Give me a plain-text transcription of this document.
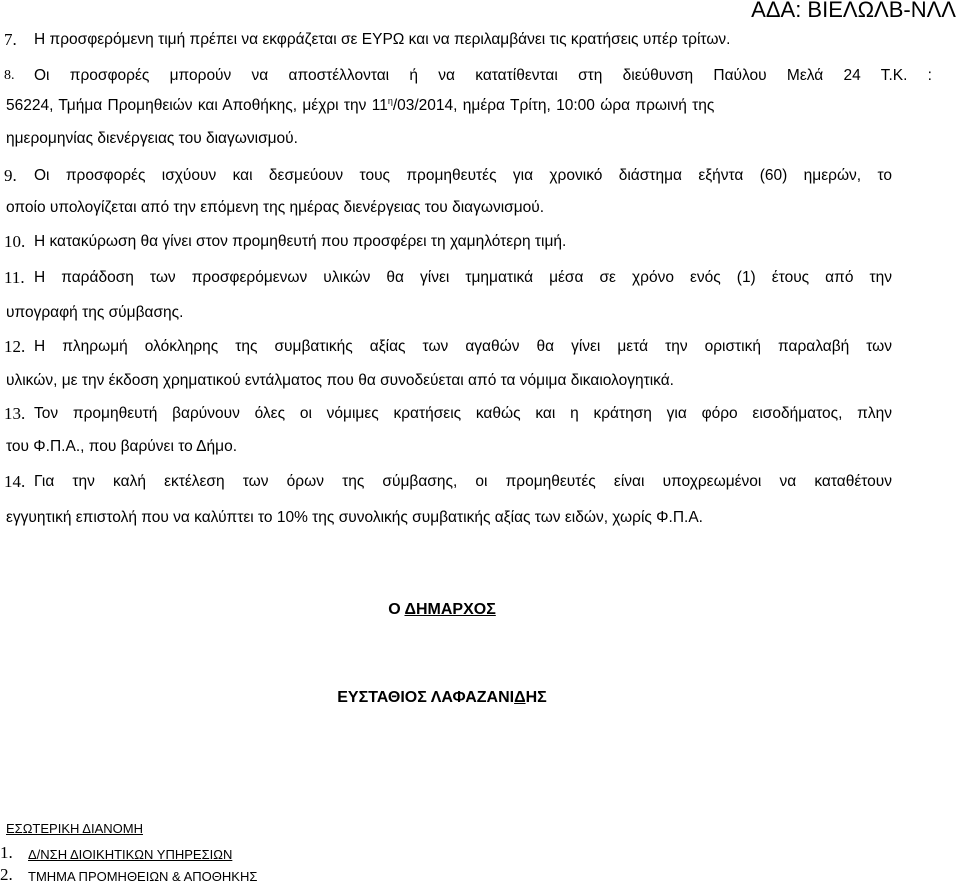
ΑΔΑ: ΒΙΕΛΩΛΒ-ΝΛΛ
7. Η προσφερόμενη τιμή πρέπει να εκφράζεται σε ΕΥΡΩ και να περιλαμβάνει τις κρατήσεις υπέρ τρίτων.
8. Οι προσφορές μπορούν να αποστέλλονται ή να κατατίθενται στη διεύθυνση Παύλου Μελά 24 Τ.Κ. :
56224, Τμήμα Προμηθειών και Αποθήκης, μέχρι την $11^\eta/03/2014$, ημέρα Τρίτη, 10:00 ώρα πρωινή της
ημερομηνίας διενέργειας του διαγωνισμού.
9. Οι προσφορές ισχύουν και δεσμεύουν τους προμηθευτές για χρονικό διάστημα εξήντα (60) ημερών, το
οποίο υπολογίζεται από την επόμενη της ημέρας διενέργειας του διαγωνισμού.
10. Η κατακύρωση θα γίνει στον προμηθευτή που προσφέρει τη χαμηλότερη τιμή.
11. Η παράδοση των προσφερόμενων υλικών θα γίνει τμηματικά μέσα σε χρόνο ενός (1) έτους από την
υπογραφή της σύμβασης.
12. Η πληρωμή ολόκληρης της συμβατικής αξίας των αγαθών θα γίνει μετά την οριστική παραλαβή των
υλικών, με την έκδοση χρηματικού εντάλματος που θα συνοδεύεται από τα νόμιμα δικαιολογητικά.
13. Τον προμηθευτή βαρύνουν όλες οι νόμιμες κρατήσεις καθώς και η κράτηση για φόρο εισοδήματος, πλην
του Φ.Π.Α., που βαρύνει το Δήμο.
14. Για την καλή εκτέλεση των όρων της σύμβασης, οι προμηθευτές είναι υποχρεωμένοι να καταθέτουν
εγγυητική επιστολή που να καλύπτει το 10% της συνολικής συμβατικής αξίας των ειδών, χωρίς Φ.Π.Α.
Ο ΔΗΜΑΡΧΟΣ
ΕΥΣΤΑΘΙΟΣ ΛΑΦΑΖΑΝΙΔΗΣ
ΕΣΩΤΕΡΙΚΗ ΔΙΑΝΟΜΗ
1. Δ/ΝΣΗ ΔΙΟΙΚΗΤΙΚΩΝ ΥΠΗΡΕΣΙΩΝ
2. ΤΜΗΜΑ ΠΡΟΜΗΘΕΙΩΝ & ΑΠΟΘΗΚΗΣ
